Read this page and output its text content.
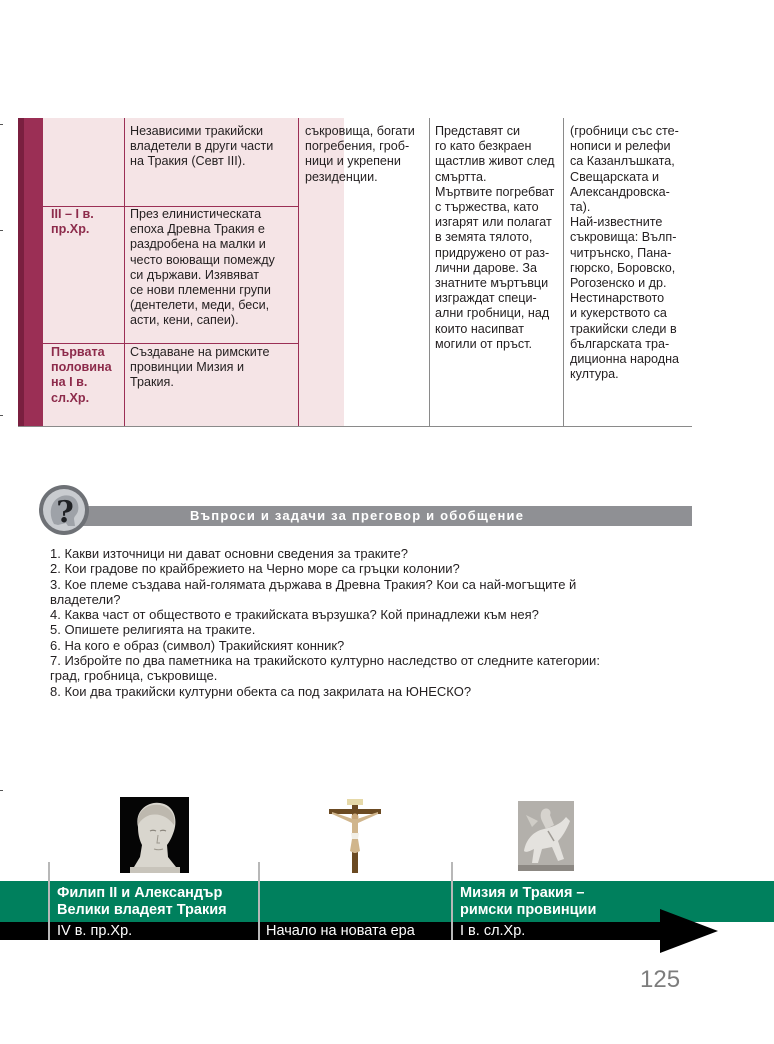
Независими тракийски
владетели в други части
на Тракия (Севт III).
III – I в.
пр.Хр.
През елинистическата
епоха Древна Тракия е
раздробена на малки и
често воюващи помежду
си държави. Изявяват
се нови племенни групи
(дентелети, меди, беси,
асти, кени, сапеи).
Първата
половина
на I в.
сл.Хр.
Създаване на римските
провинции Мизия и
Тракия.
съкровища, богати
погребения, гроб-
ници и укрепени
резиденции.
Представят си
го като безкраен
щастлив живот след
смъртта.
Мъртвите погребват
с тържества, като
изгарят или полагат
в земята тялото,
придружено от раз-
лични дарове. За
знатните мъртъвци
изграждат специ-
ални гробници, над
които насипват
могили от пръст.
(гробници със сте-
нописи и релефи
са Казанлъшката,
Свещарската и
Александровска-
та).
Най-известните
съкровища: Вълп-
читрънско, Пана-
гюрско, Боровско,
Рогозенско и др.
Нестинарството
и кукерството са
тракийски следи в
българската тра-
диционна народна
култура.
Въпроси и задачи за преговор и обобщение
?
1. Какви източници ни дават основни сведения за траките?
2. Кои градове по крайбрежието на Черно море са гръцки колонии?
3. Кое племе създава най-голямата държава в Древна Тракия? Кои са най-могъщите й
владетели?
4. Каква част от обществото е тракийската вързушка? Кой принадлежи към нея?
5. Опишете религията на траките.
6. На кого е образ (символ) Тракийският конник?
7. Избройте по два паметника на тракийското културно наследство от следните категории:
град, гробница, съкровище.
8. Кои два тракийски културни обекта са под закрилата на ЮНЕСКО?
Филип II и Александър
Велики владеят Тракия
Мизия и Тракия –
римски провинции
IV в. пр.Хр.	Начало на новата ера	I в. сл.Хр.
125
